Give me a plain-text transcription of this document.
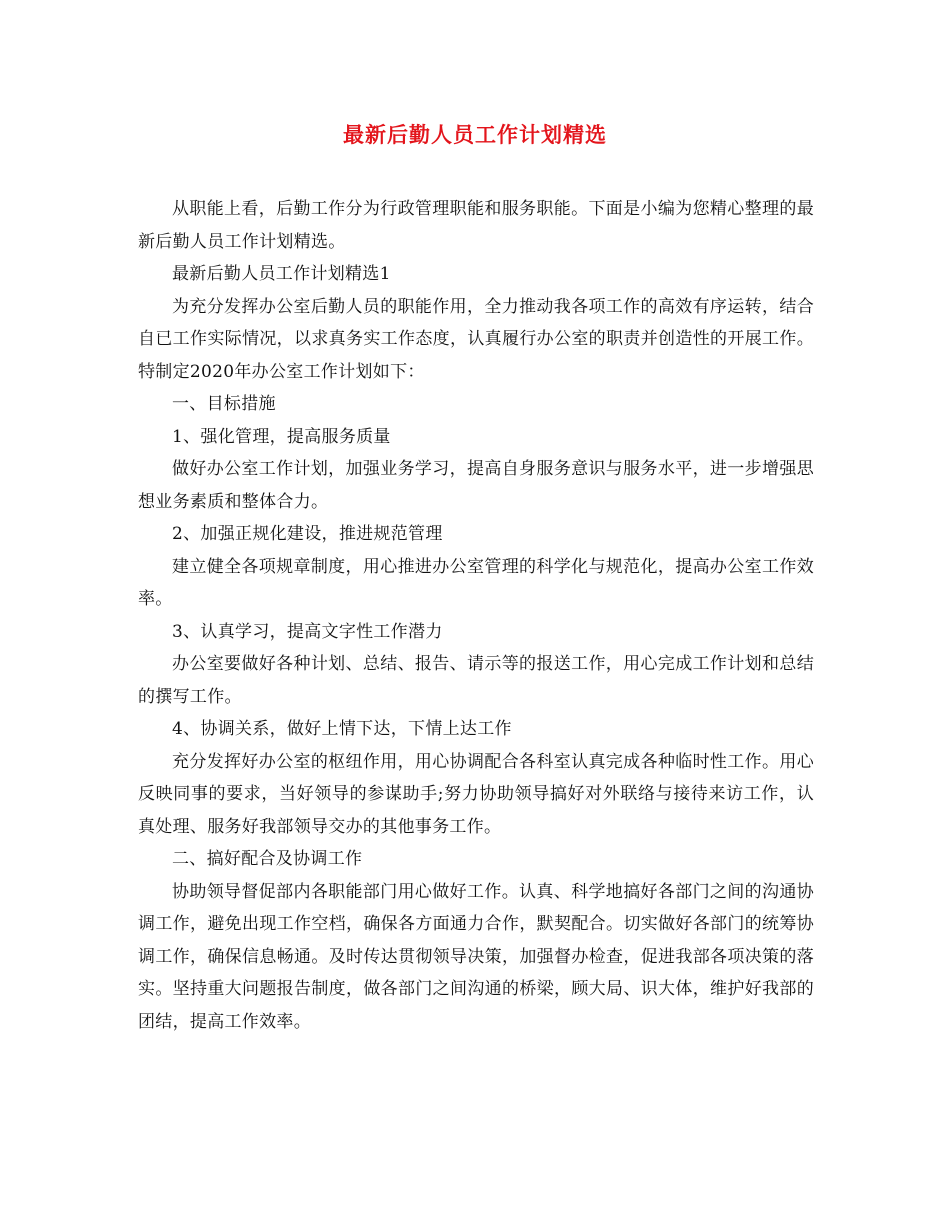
最新后勤人员工作计划精选

从职能上看，后勤工作分为行政管理职能和服务职能。下面是小编为您精心整理的最新后勤人员工作计划精选。

最新后勤人员工作计划精选1

为充分发挥办公室后勤人员的职能作用，全力推动我各项工作的高效有序运转，结合自已工作实际情况，以求真务实工作态度，认真履行办公室的职责并创造性的开展工作。特制定2020年办公室工作计划如下：

一、目标措施

1、强化管理，提高服务质量

做好办公室工作计划，加强业务学习，提高自身服务意识与服务水平，进一步增强思想业务素质和整体合力。

2、加强正规化建设，推进规范管理

建立健全各项规章制度，用心推进办公室管理的科学化与规范化，提高办公室工作效率。

3、认真学习，提高文字性工作潜力

办公室要做好各种计划、总结、报告、请示等的报送工作，用心完成工作计划和总结的撰写工作。

4、协调关系，做好上情下达，下情上达工作

充分发挥好办公室的枢纽作用，用心协调配合各科室认真完成各种临时性工作。用心反映同事的要求，当好领导的参谋助手;努力协助领导搞好对外联络与接待来访工作，认真处理、服务好我部领导交办的其他事务工作。

二、搞好配合及协调工作

协助领导督促部内各职能部门用心做好工作。认真、科学地搞好各部门之间的沟通协调工作，避免出现工作空档，确保各方面通力合作，默契配合。切实做好各部门的统筹协调工作，确保信息畅通。及时传达贯彻领导决策，加强督办检查，促进我部各项决策的落实。坚持重大问题报告制度，做各部门之间沟通的桥梁，顾大局、识大体，维护好我部的团结，提高工作效率。
